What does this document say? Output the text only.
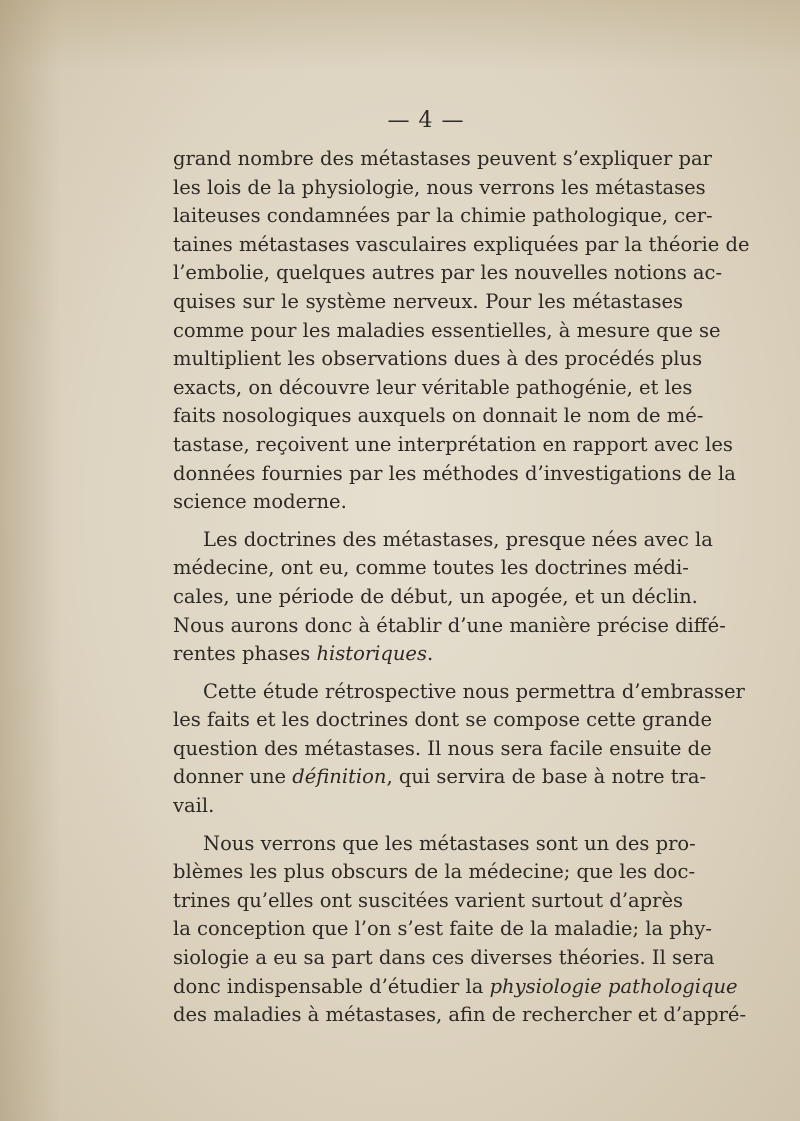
— 4 —
grand nombre des métastases peuvent s’expliquer par
les lois de la physiologie, nous verrons les métastases
laiteuses condamnées par la chimie pathologique, cer-
taines métastases vasculaires expliquées par la théorie de
l’embolie, quelques autres par les nouvelles notions ac-
quises sur le système nerveux. Pour les métastases
comme pour les maladies essentielles, à mesure que se
multiplient les observations dues à des procédés plus
exacts, on découvre leur véritable pathogénie, et les
faits nosologiques auxquels on donnait le nom de mé-
tastase, reçoivent une interprétation en rapport avec les
données fournies par les méthodes d’investigations de la
science moderne.
Les doctrines des métastases, presque nées avec la
médecine, ont eu, comme toutes les doctrines médi-
cales, une période de début, un apogée, et un déclin.
Nous aurons donc à établir d’une manière précise diffé-
rentes phases historiques.
Cette étude rétrospective nous permettra d’embrasser
les faits et les doctrines dont se compose cette grande
question des métastases. Il nous sera facile ensuite de
donner une définition, qui servira de base à notre tra-
vail.
Nous verrons que les métastases sont un des pro-
blèmes les plus obscurs de la médecine; que les doc-
trines qu’elles ont suscitées varient surtout d’après
la conception que l’on s’est faite de la maladie; la phy-
siologie a eu sa part dans ces diverses théories. Il sera
donc indispensable d’étudier la physiologie pathologique
des maladies à métastases, afin de rechercher et d’appré-
